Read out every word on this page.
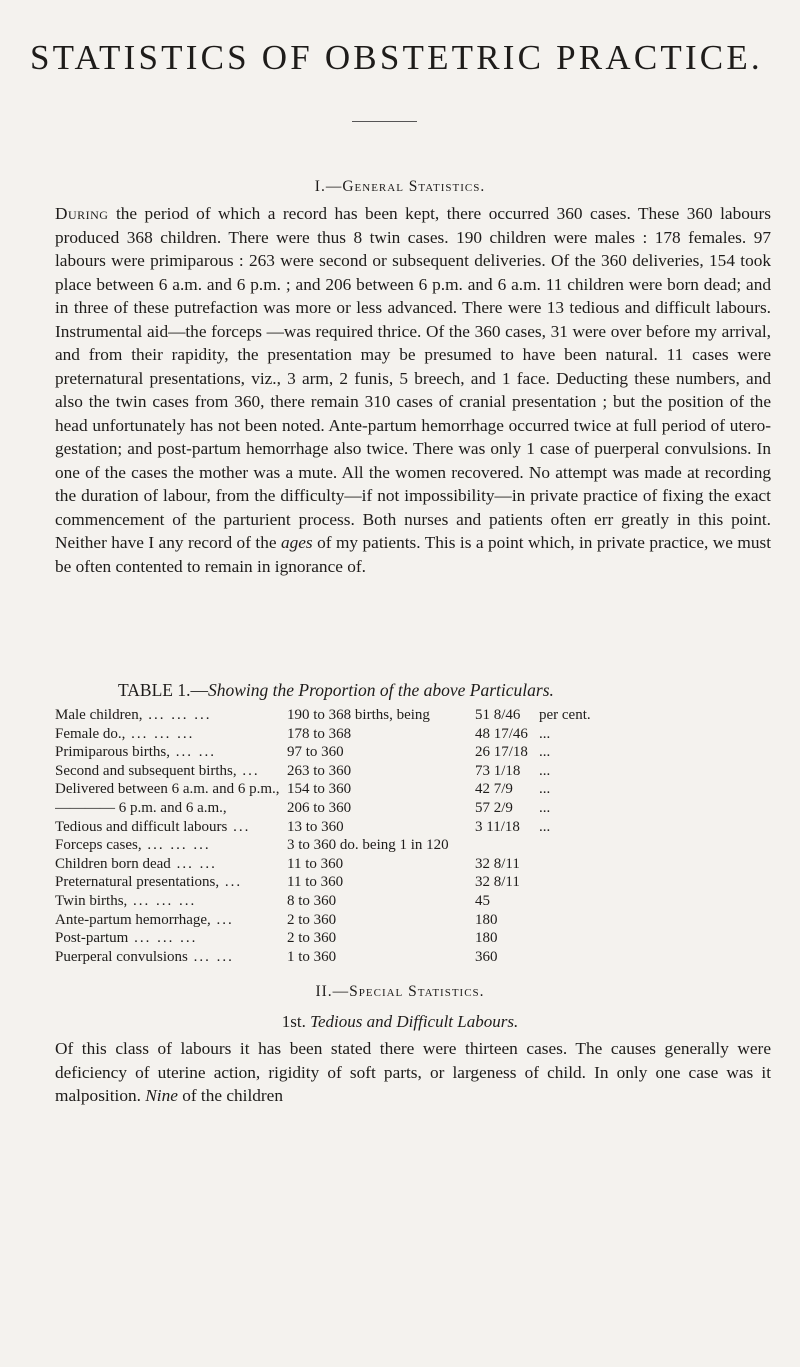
STATISTICS OF OBSTETRIC PRACTICE.
I.—General Statistics.

During the period of which a record has been kept, there occurred 360 cases. These 360 labours produced 368 children. There were thus 8 twin cases. 190 children were males : 178 females. 97 labours were primiparous : 263 were second or subsequent deliveries. Of the 360 deliveries, 154 took place between 6 a.m. and 6 p.m. ; and 206 between 6 p.m. and 6 a.m. 11 children were born dead; and in three of these putrefaction was more or less advanced. There were 13 tedious and difficult labours. Instrumental aid—the forceps —was required thrice. Of the 360 cases, 31 were over before my arrival, and from their rapidity, the presentation may be presumed to have been natural. 11 cases were preternatural presentations, viz., 3 arm, 2 funis, 5 breech, and 1 face. Deducting these numbers, and also the twin cases from 360, there remain 310 cases of cranial presentation ; but the position of the head unfortunately has not been noted. Ante-partum hemorrhage occurred twice at full period of utero-gestation; and post-partum hemorrhage also twice. There was only 1 case of puerperal convulsions. In one of the cases the mother was a mute. All the women recovered. No attempt was made at recording the duration of labour, from the difficulty—if not impossibility—in private practice of fixing the exact commencement of the parturient process. Both nurses and patients often err greatly in this point. Neither have I any record of the ages of my patients. This is a point which, in private practice, we must be often contented to remain in ignorance of.

TABLE 1.—Showing the Proportion of the above Particulars.
Male children, ... ... ...	190 to 368 births, being	51 8/46 per cent.
Female do., ... ... ...	178 to 368	48 17/46 ...
Primiparous births, ... ...	97 to 360	26 17/18 ...
Second and subsequent births, ...	263 to 360	73 1/18 ...
Delivered between 6 a.m. and 6 p.m., 154 to 360	42 7/9 ...
———— 6 p.m. and 6 a.m.,	206 to 360	57 2/9 ...
Tedious and difficult labours ...	13 to 360	3 11/18 ...
Forceps cases, ... ... ...	3 to 360 do. being 1 in 120
Children born dead ... ...	11 to 360	32 8/11
Preternatural presentations, ...	11 to 360	32 8/11
Twin births, ... ... ...	8 to 360	45
Ante-partum hemorrhage, ...	2 to 360	180
Post-partum ... ... ...	2 to 360	180
Puerperal convulsions ... ...	1 to 360	360
II.—Special Statistics.
1st. Tedious and Difficult Labours.

Of this class of labours it has been stated there were thirteen cases. The causes generally were deficiency of uterine action, rigidity of soft parts, or largeness of child. In only one case was it malposition. Nine of the children
